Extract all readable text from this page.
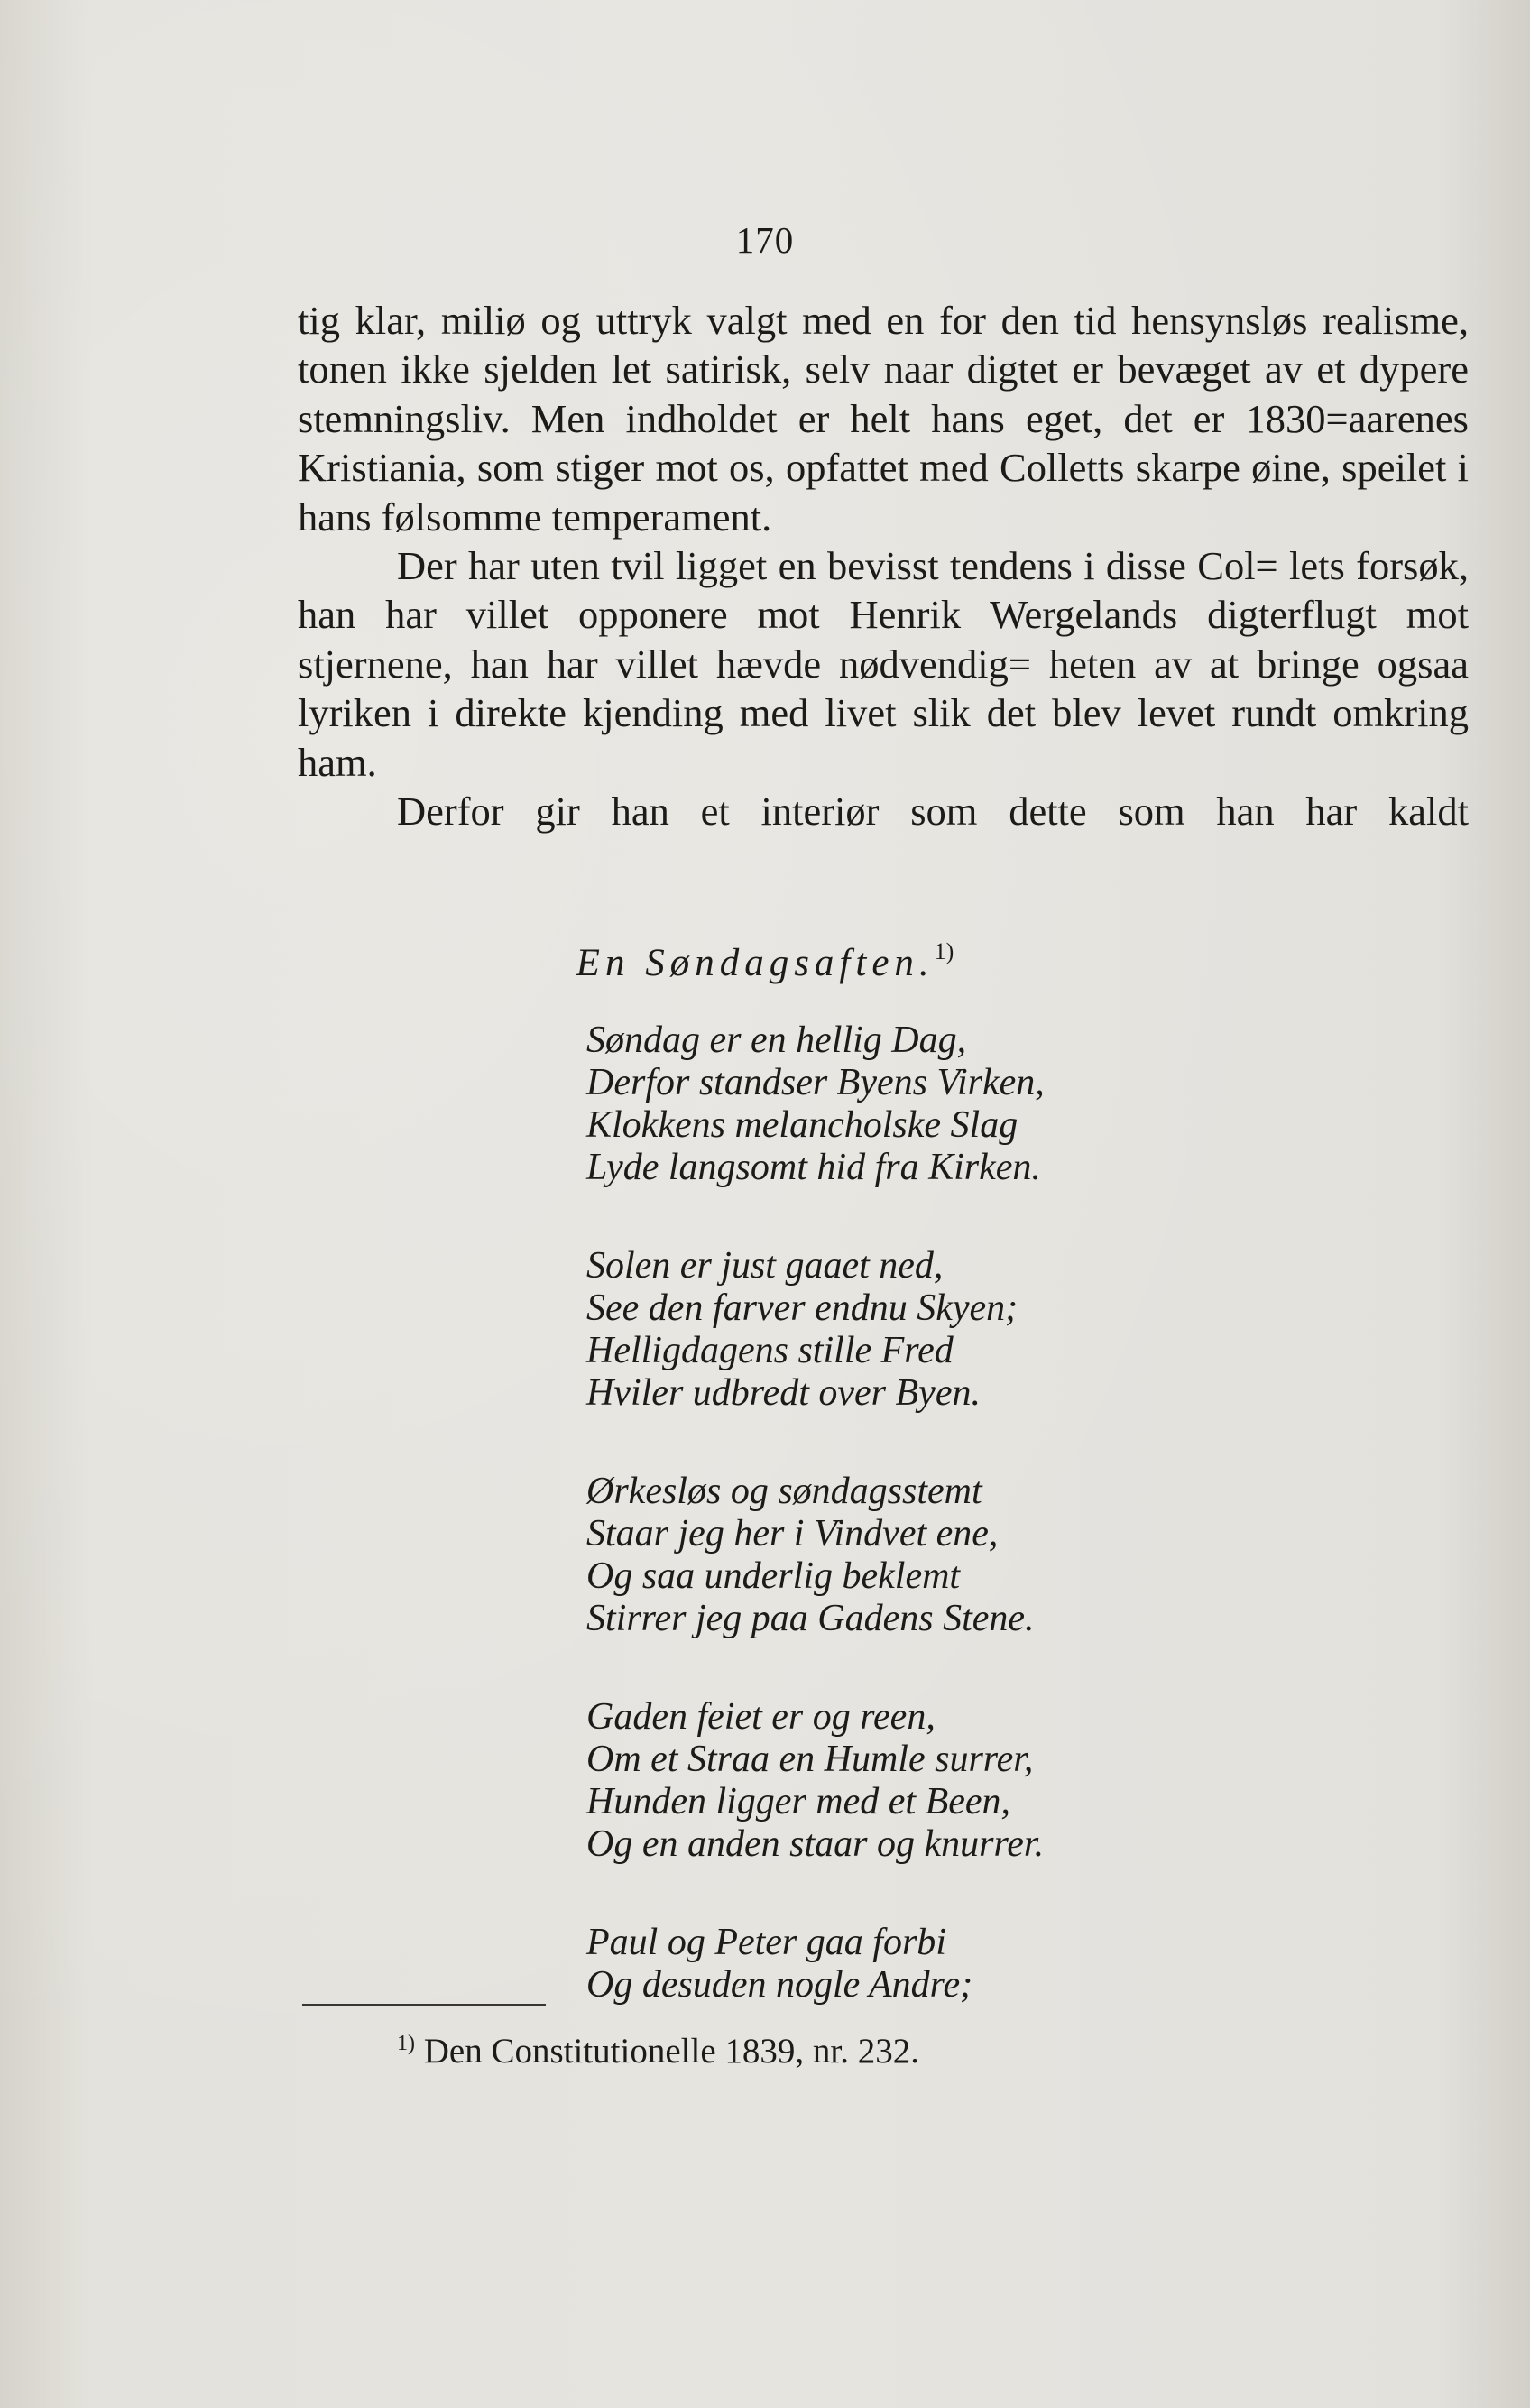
170

tig klar, miliø og uttryk valgt med en for den tid hensynsløs realisme, tonen ikke sjelden let satirisk, selv naar digtet er bevæget av et dypere stemningsliv. Men indholdet er helt hans eget, det er 1830=aarenes Kristiania, som stiger mot os, opfattet med Colletts skarpe øine, speilet i hans følsomme temperament.

Der har uten tvil ligget en bevisst tendens i disse Col= lets forsøk, han har villet opponere mot Henrik Wergelands digterflugt mot stjernene, han har villet hævde nødvendig= heten av at bringe ogsaa lyriken i direkte kjending med livet slik det blev levet rundt omkring ham.

Derfor gir han et interiør som dette som han har kaldt

En Søndagsaften.$^{1)}$
Søndag er en hellig Dag,
Derfor standser Byens Virken,
Klokkens melancholske Slag
Lyde langsomt hid fra Kirken.
Solen er just gaaet ned,
See den farver endnu Skyen;
Helligdagens stille Fred
Hviler udbredt over Byen.
Ørkesløs og søndagsstemt
Staar jeg her i Vindvet ene,
Og saa underlig beklemt
Stirrer jeg paa Gadens Stene.
Gaden feiet er og reen,
Om et Straa en Humle surrer,
Hunden ligger med et Been,
Og en anden staar og knurrer.
Paul og Peter gaa forbi
Og desuden nogle Andre;
$^{1)}$ Den Constitutionelle 1839, nr. 232.
